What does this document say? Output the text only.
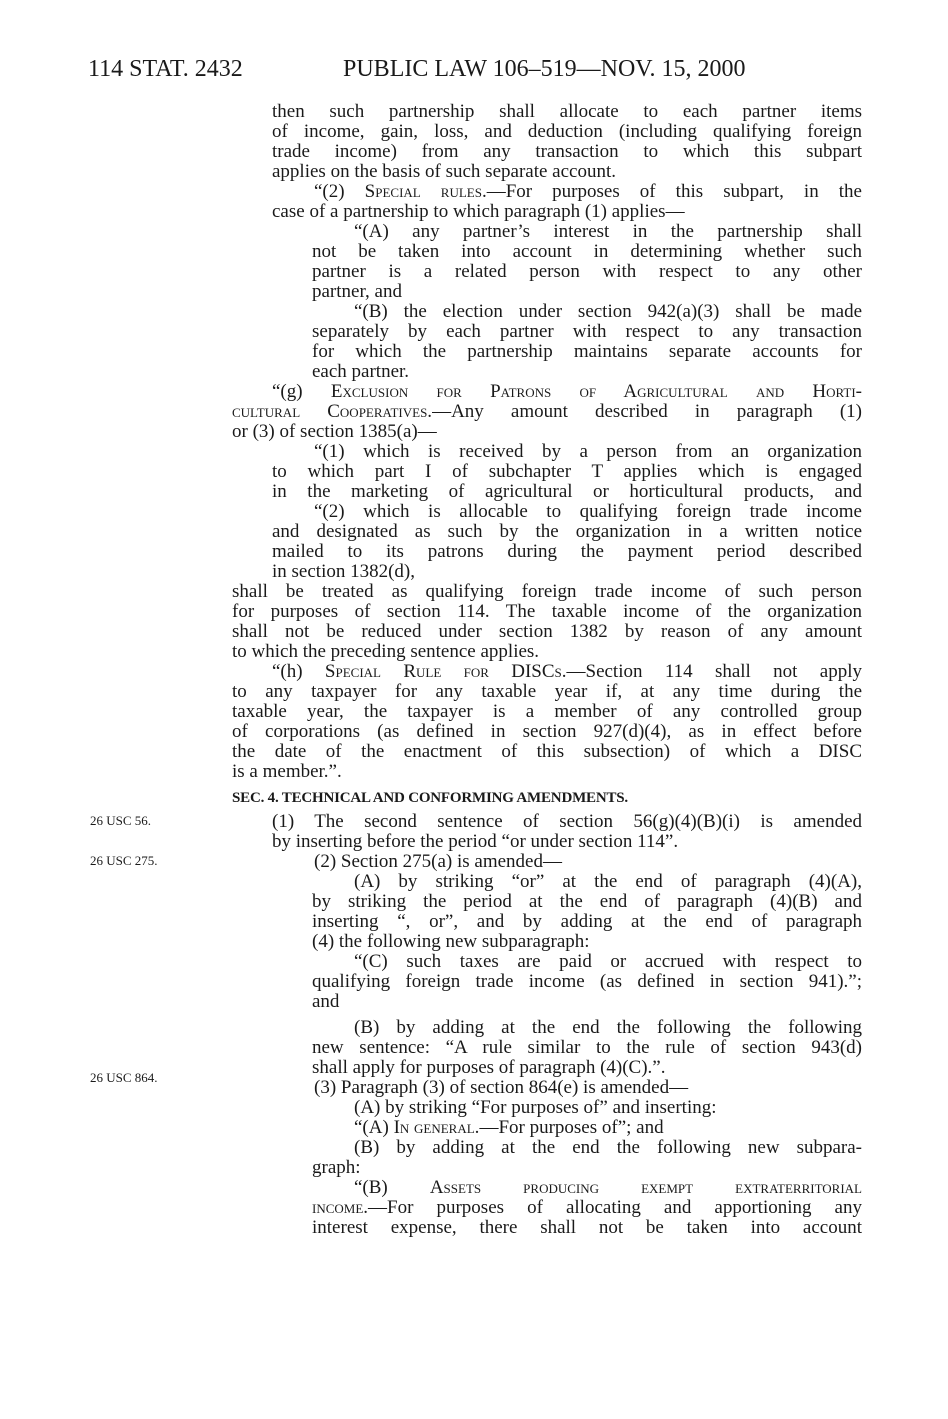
114 STAT. 2432	PUBLIC LAW 106–519—NOV. 15, 2000
26 USC 56.
26 USC 275.
26 USC 864.
then such partnership shall allocate to each partner items
of income, gain, loss, and deduction (including qualifying foreign
trade income) from any transaction to which this subpart
applies on the basis of such separate account.
“(2) Special rules.—For purposes of this subpart, in the
case of a partnership to which paragraph (1) applies—
“(A) any partner’s interest in the partnership shall
not be taken into account in determining whether such
partner is a related person with respect to any other
partner, and
“(B) the election under section 942(a)(3) shall be made
separately by each partner with respect to any transaction
for which the partnership maintains separate accounts for
each partner.
“(g) Exclusion for Patrons of Agricultural and Horti-
cultural Cooperatives.—Any amount described in paragraph (1)
or (3) of section 1385(a)—
“(1) which is received by a person from an organization
to which part I of subchapter T applies which is engaged
in the marketing of agricultural or horticultural products, and
“(2) which is allocable to qualifying foreign trade income
and designated as such by the organization in a written notice
mailed to its patrons during the payment period described
in section 1382(d),
shall be treated as qualifying foreign trade income of such person
for purposes of section 114. The taxable income of the organization
shall not be reduced under section 1382 by reason of any amount
to which the preceding sentence applies.
“(h) Special Rule for DISCs.—Section 114 shall not apply
to any taxpayer for any taxable year if, at any time during the
taxable year, the taxpayer is a member of any controlled group
of corporations (as defined in section 927(d)(4), as in effect before
the date of the enactment of this subsection) of which a DISC
is a member.”.
SEC. 4. TECHNICAL AND CONFORMING AMENDMENTS.
(1) The second sentence of section 56(g)(4)(B)(i) is amended
by inserting before the period “or under section 114”.
(2) Section 275(a) is amended—
(A) by striking “or” at the end of paragraph (4)(A),
by striking the period at the end of paragraph (4)(B) and
inserting “, or”, and by adding at the end of paragraph
(4) the following new subparagraph:
“(C) such taxes are paid or accrued with respect to
qualifying foreign trade income (as defined in section 941).”;
and
(B) by adding at the end the following the following
new sentence: “A rule similar to the rule of section 943(d)
shall apply for purposes of paragraph (4)(C).”.
(3) Paragraph (3) of section 864(e) is amended—
(A) by striking “For purposes of” and inserting:
“(A) In general.—For purposes of”; and
(B) by adding at the end the following new subpara-
graph:
“(B) Assets producing exempt extraterritorial
income.—For purposes of allocating and apportioning any
interest expense, there shall not be taken into account
